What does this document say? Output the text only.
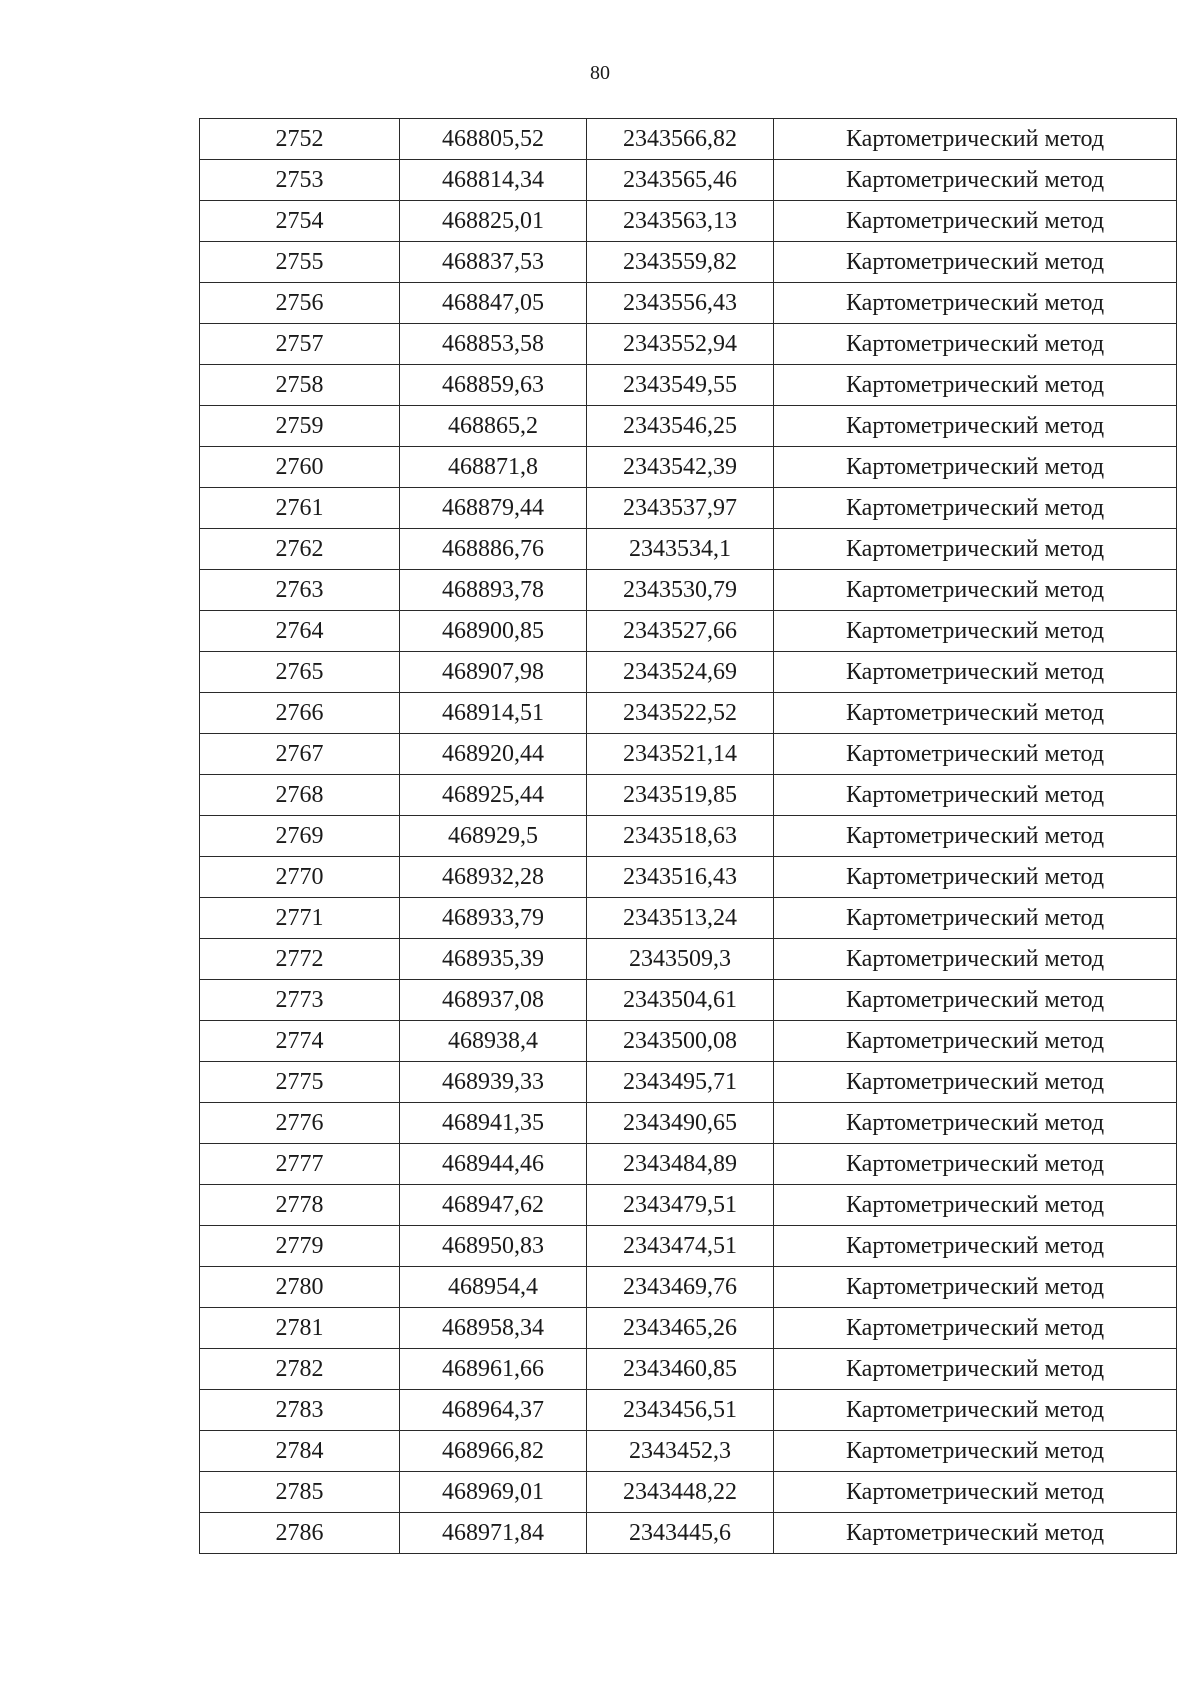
80
2752	468805,52	2343566,82	Картометрический метод
2753	468814,34	2343565,46	Картометрический метод
2754	468825,01	2343563,13	Картометрический метод
2755	468837,53	2343559,82	Картометрический метод
2756	468847,05	2343556,43	Картометрический метод
2757	468853,58	2343552,94	Картометрический метод
2758	468859,63	2343549,55	Картометрический метод
2759	468865,2	2343546,25	Картометрический метод
2760	468871,8	2343542,39	Картометрический метод
2761	468879,44	2343537,97	Картометрический метод
2762	468886,76	2343534,1	Картометрический метод
2763	468893,78	2343530,79	Картометрический метод
2764	468900,85	2343527,66	Картометрический метод
2765	468907,98	2343524,69	Картометрический метод
2766	468914,51	2343522,52	Картометрический метод
2767	468920,44	2343521,14	Картометрический метод
2768	468925,44	2343519,85	Картометрический метод
2769	468929,5	2343518,63	Картометрический метод
2770	468932,28	2343516,43	Картометрический метод
2771	468933,79	2343513,24	Картометрический метод
2772	468935,39	2343509,3	Картометрический метод
2773	468937,08	2343504,61	Картометрический метод
2774	468938,4	2343500,08	Картометрический метод
2775	468939,33	2343495,71	Картометрический метод
2776	468941,35	2343490,65	Картометрический метод
2777	468944,46	2343484,89	Картометрический метод
2778	468947,62	2343479,51	Картометрический метод
2779	468950,83	2343474,51	Картометрический метод
2780	468954,4	2343469,76	Картометрический метод
2781	468958,34	2343465,26	Картометрический метод
2782	468961,66	2343460,85	Картометрический метод
2783	468964,37	2343456,51	Картометрический метод
2784	468966,82	2343452,3	Картометрический метод
2785	468969,01	2343448,22	Картометрический метод
2786	468971,84	2343445,6	Картометрический метод
